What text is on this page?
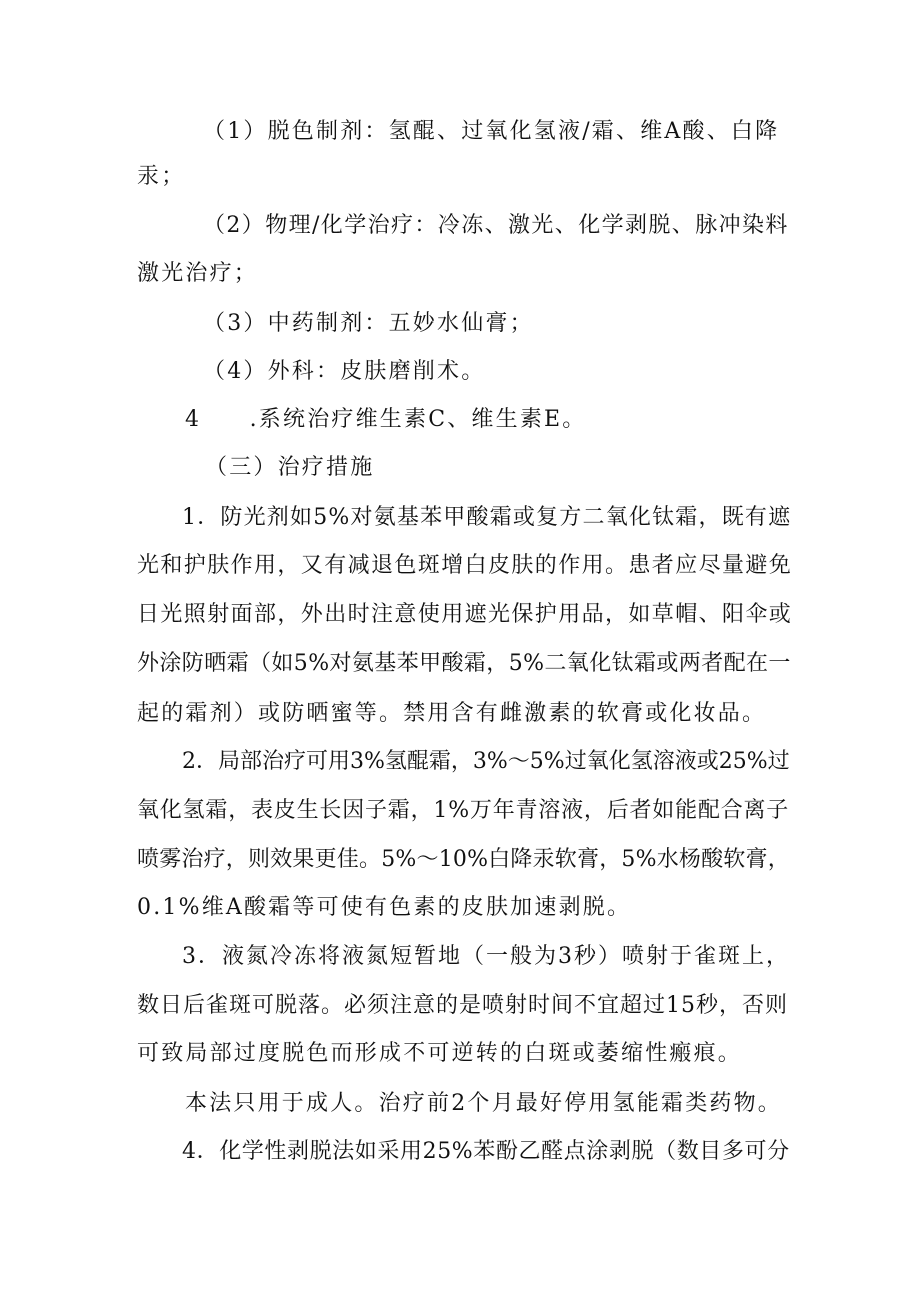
（1）脱色制剂：氢醌、过氧化氢液/霜、维A酸、白降
汞；
（2）物理/化学治疗：冷冻、激光、化学剥脱、脉冲染料
激光治疗；
（3）中药制剂：五妙水仙膏；
（4）外科：皮肤磨削术。
4　　.系统治疗维生素C、维生素E。
（三）治疗措施
1．防光剂如5%对氨基苯甲酸霜或复方二氧化钛霜，既有遮
光和护肤作用，又有减退色斑增白皮肤的作用。患者应尽量避免
日光照射面部，外出时注意使用遮光保护用品，如草帽、阳伞或
外涂防晒霜（如5%对氨基苯甲酸霜，5%二氧化钛霜或两者配在一
起的霜剂）或防晒蜜等。禁用含有雌激素的软膏或化妆品。
2．局部治疗可用3%氢醌霜，3%～5%过氧化氢溶液或25%过
氧化氢霜，表皮生长因子霜，1%万年青溶液，后者如能配合离子
喷雾治疗，则效果更佳。5%～10%白降汞软膏，5%水杨酸软膏，
0.1%维A酸霜等可使有色素的皮肤加速剥脱。
3．液氮冷冻将液氮短暂地（一般为3秒）喷射于雀斑上，
数日后雀斑可脱落。必须注意的是喷射时间不宜超过15秒，否则
可致局部过度脱色而形成不可逆转的白斑或萎缩性瘢痕。
本法只用于成人。治疗前2个月最好停用氢能霜类药物。
4．化学性剥脱法如采用25%苯酚乙醛点涂剥脱（数目多可分
